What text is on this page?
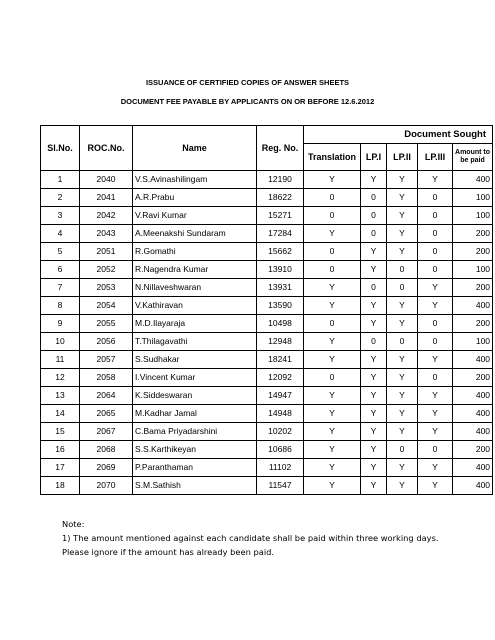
ISSUANCE OF CERTIFIED COPIES OF ANSWER SHEETS
DOCUMENT FEE PAYABLE BY APPLICANTS ON OR BEFORE 12.6.2012
Sl.No.	ROC.No.	Name	Reg. No.	Document Sought				
				Translation	LP.I	LP.II	LP.III	Amount to be paid
1	2040	V.S.Avinashilingam	12190	Y	Y	Y	Y	400
2	2041	A.R.Prabu	18622	0	0	Y	0	100
3	2042	V.Ravi Kumar	15271	0	0	Y	0	100
4	2043	A.Meenakshi Sundaram	17284	Y	0	Y	0	200
5	2051	R.Gomathi	15662	0	Y	Y	0	200
6	2052	R.Nagendra Kumar	13910	0	Y	0	0	100
7	2053	N.Nillaveshwaran	13931	Y	0	0	Y	200
8	2054	V.Kathiravan	13590	Y	Y	Y	Y	400
9	2055	M.D.Ilayaraja	10498	0	Y	Y	0	200
10	2056	T.Thilagavathi	12948	Y	0	0	0	100
11	2057	S.Sudhakar	18241	Y	Y	Y	Y	400
12	2058	I.Vincent Kumar	12092	0	Y	Y	0	200
13	2064	K.Siddeswaran	14947	Y	Y	Y	Y	400
14	2065	M.Kadhar Jamal	14948	Y	Y	Y	Y	400
15	2067	C.Bama Priyadarshini	10202	Y	Y	Y	Y	400
16	2068	S.S.Karthikeyan	10686	Y	Y	0	0	200
17	2069	P.Paranthaman	11102	Y	Y	Y	Y	400
18	2070	S.M.Sathish	11547	Y	Y	Y	Y	400
Note:
1) The amount mentioned against each candidate shall be paid within three working days.
Please ignore if the amount has already been paid.
